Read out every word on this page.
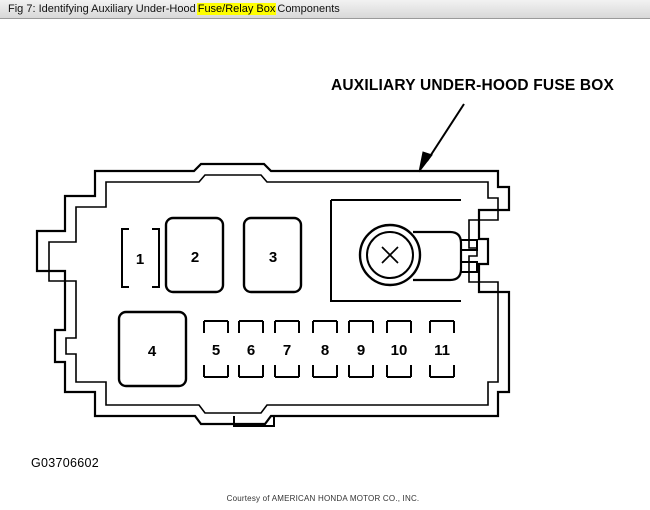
Fig 7: Identifying Auxiliary Under-Hood Fuse/Relay Box Components
AUXILIARY UNDER-HOOD FUSE BOX
1	2	3
4	5 6 7 8 9 10 11
G03706602
Courtesy of AMERICAN HONDA MOTOR CO., INC.
